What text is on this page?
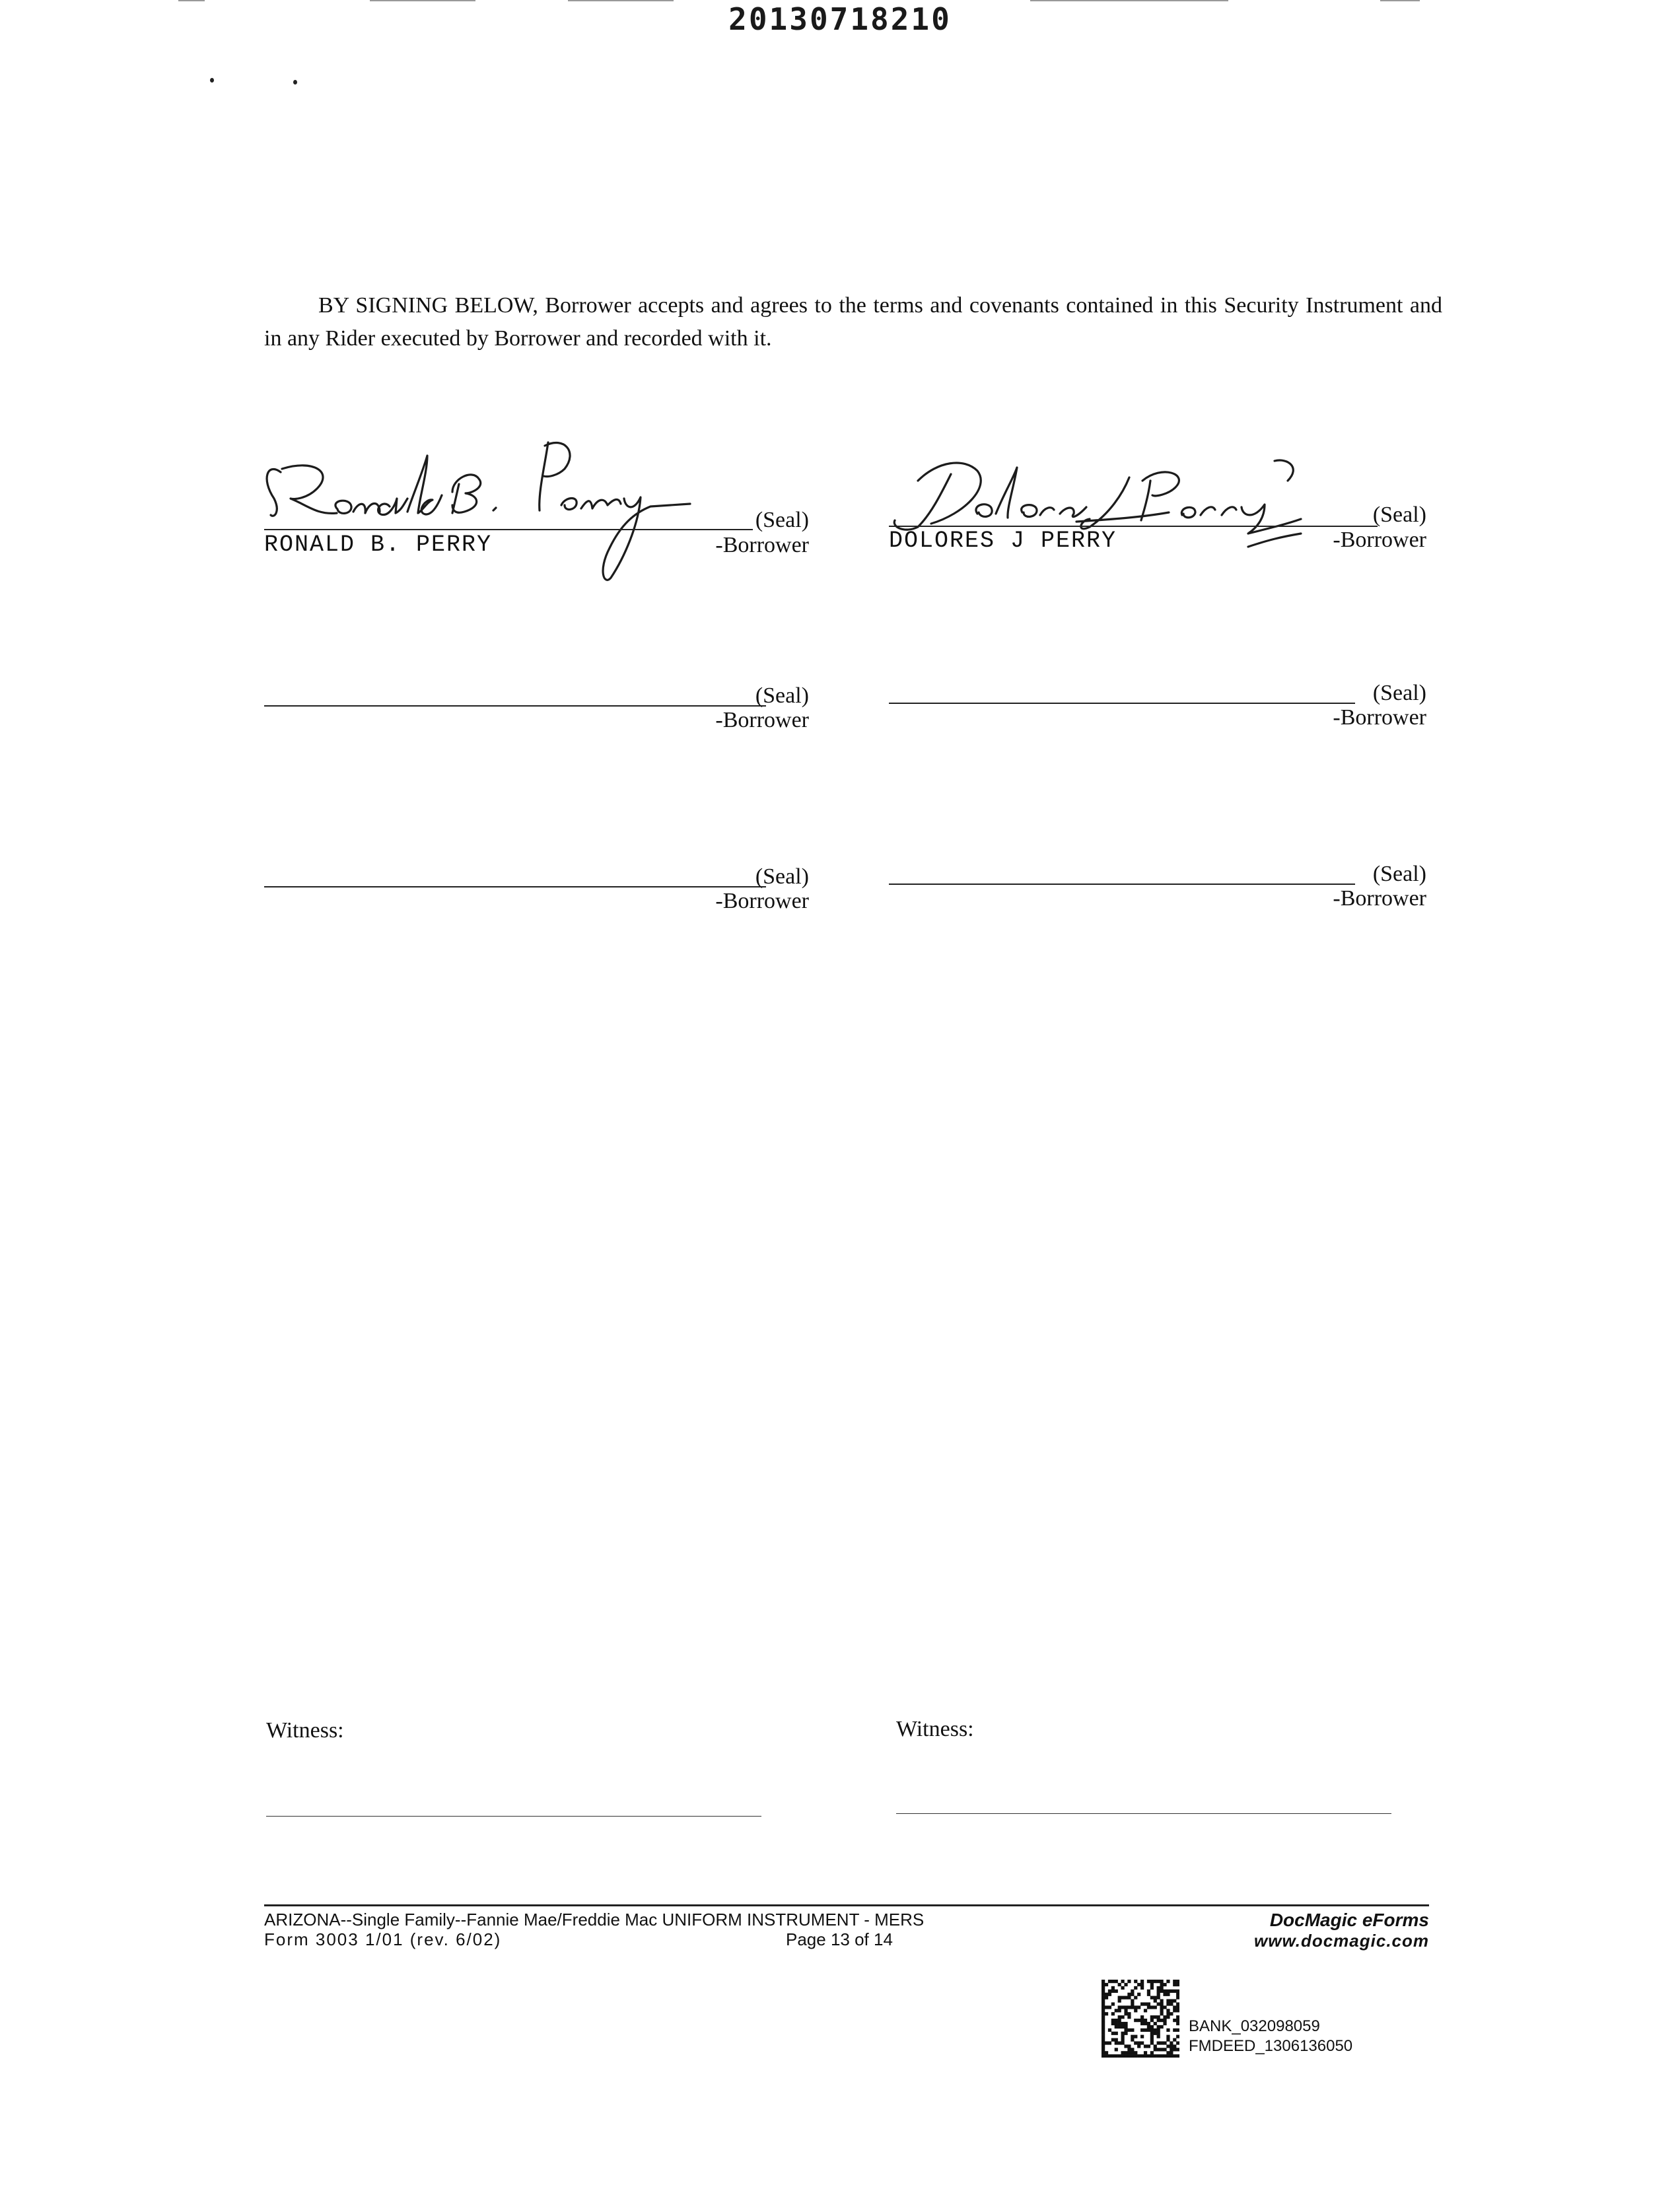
20130718210
BY SIGNING BELOW, Borrower accepts and agrees to the terms and covenants contained in this Security Instrument and in any Rider executed by Borrower and recorded with it.
(Seal)
RONALD B. PERRY	-Borrower
(Seal)
DOLORES J PERRY	-Borrower
(Seal)
-Borrower
(Seal)
-Borrower
(Seal)
-Borrower
(Seal)
-Borrower
Witness:	Witness:
ARIZONA--Single Family--Fannie Mae/Freddie Mac UNIFORM INSTRUMENT - MERS
Form 3003 1/01 (rev. 6/02)	Page 13 of 14
DocMagic eForms
www.docmagic.com
BANK_032098059
FMDEED_1306136050
